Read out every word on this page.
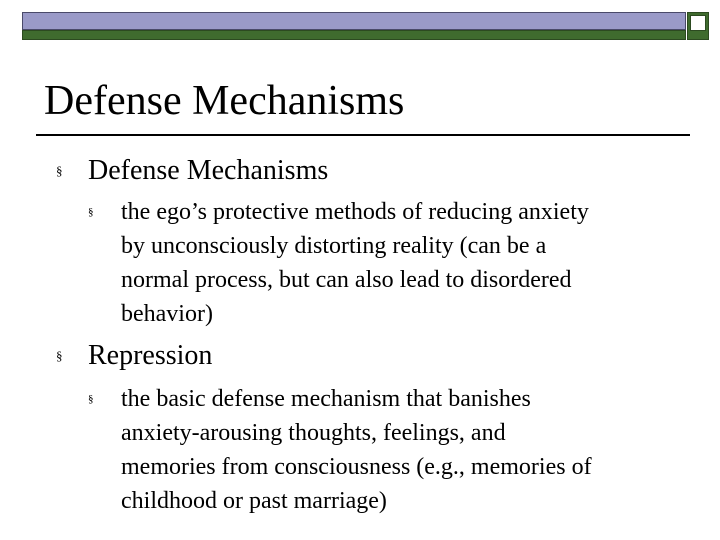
Defense Mechanisms
§ Defense Mechanisms
§ the ego’s protective methods of reducing anxiety
by unconsciously distorting reality (can be a
normal process, but can also lead to disordered
behavior)
§ Repression
§ the basic defense mechanism that banishes
anxiety-arousing thoughts, feelings, and
memories from consciousness (e.g., memories of
childhood or past marriage)
